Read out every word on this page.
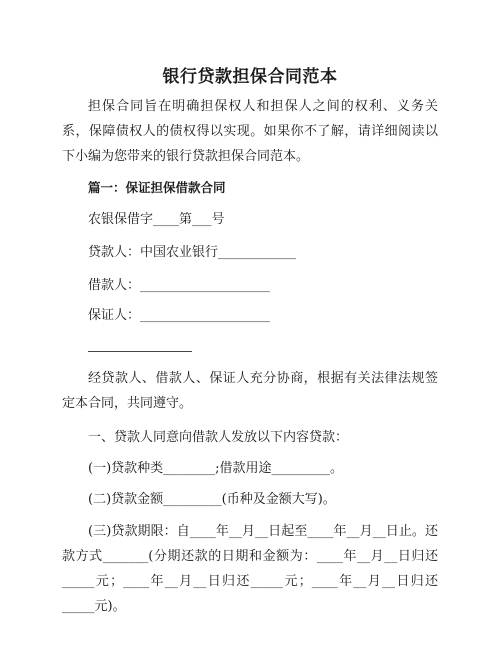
银行贷款担保合同范本

担保合同旨在明确担保权人和担保人之间的权利、义务关系，保障债权人的债权得以实现。如果你不了解，请详细阅读以下小编为您带来的银行贷款担保合同范本。

篇一：保证担保借款合同

农银保借字____第___号

贷款人：中国农业银行____________

借款人：____________________

保证人：____________________

经贷款人、借款人、保证人充分协商，根据有关法律法规签定本合同，共同遵守。

一、贷款人同意向借款人发放以下内容贷款：

(一)贷款种类________;借款用途_________。

(二)贷款金额_________(币种及金额大写)。

(三)贷款期限：自____年__月__日起至____年__月__日止。还款方式_______(分期还款的日期和金额为：____年__月__日归还_____元；____年__月__日归还_____元；____年__月__日归还_____元)。
